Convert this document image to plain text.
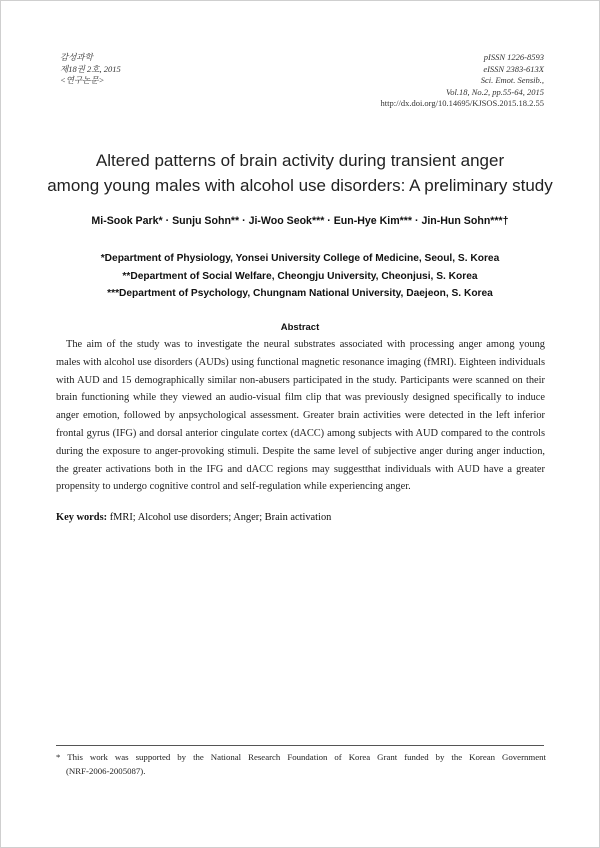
감성과학
제18권 2호, 2015
<연구논문>
pISSN 1226-8593
eISSN 2383-613X
Sci. Emot. Sensib.,
Vol.18, No.2, pp.55-64, 2015
http://dx.doi.org/10.14695/KJSOS.2015.18.2.55
Altered patterns of brain activity during transient anger
among young males with alcohol use disorders: A preliminary study
Mi-Sook Park* · Sunju Sohn** · Ji-Woo Seok*** · Eun-Hye Kim*** · Jin-Hun Sohn***†
*Department of Physiology, Yonsei University College of Medicine, Seoul, S. Korea
**Department of Social Welfare, Cheongju University, Cheonjusi, S. Korea
***Department of Psychology, Chungnam National University, Daejeon, S. Korea
Abstract
The aim of the study was to investigate the neural substrates associated with processing anger among young
males with alcohol use disorders (AUDs) using functional magnetic resonance imaging (fMRI). Eighteen individuals
with AUD and 15 demographically similar non-abusers participated in the study. Participants were scanned on their
brain functioning while they viewed an audio-visual film clip that was previously designed specifically to induce
anger emotion, followed by anpsychological assessment. Greater brain activities were detected in the left inferior
frontal gyrus (IFG) and dorsal anterior cingulate cortex (dACC) among subjects with AUD compared to the controls
during the exposure to anger-provoking stimuli. Despite the same level of subjective anger during anger induction,
the greater activations both in the IFG and dACC regions may suggestthat individuals with AUD have a greater
propensity to undergo cognitive control and self-regulation while experiencing anger.
Key words: fMRI; Alcohol use disorders; Anger; Brain activation
* This work was supported by the National Research Foundation of Korea Grant funded by the Korean Government
(NRF-2006-2005087).
